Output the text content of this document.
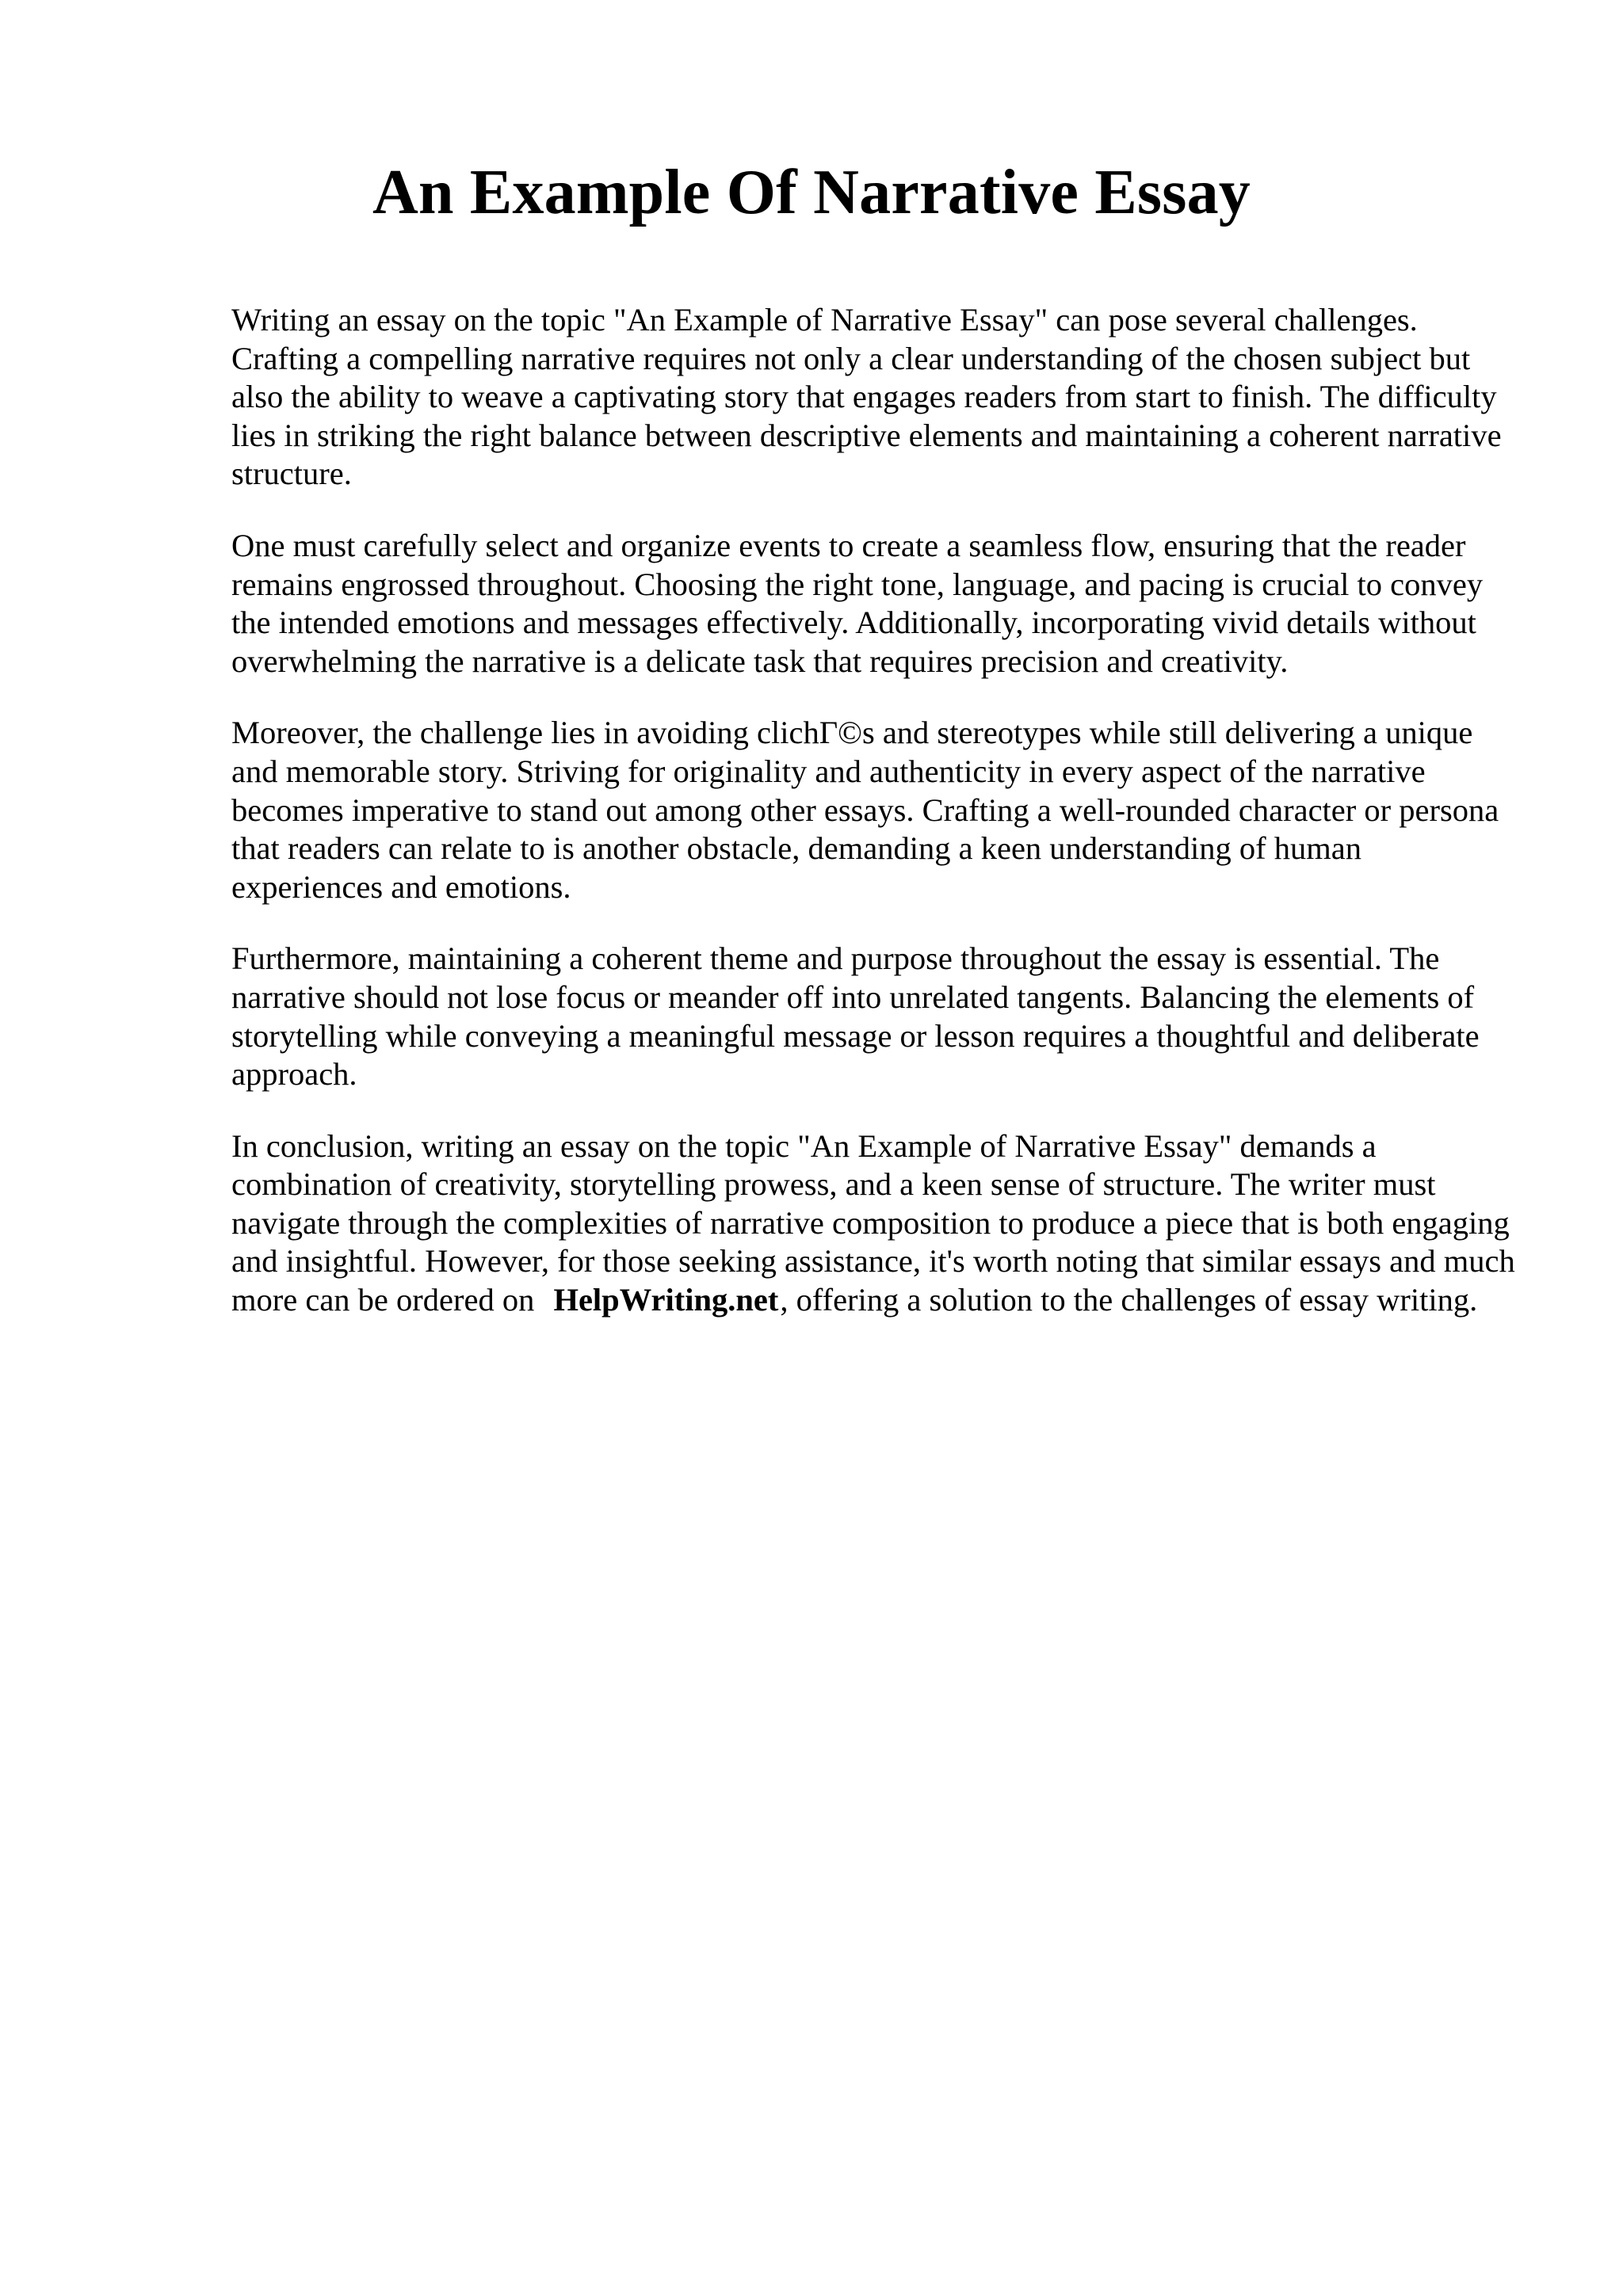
An Example Of Narrative Essay

Writing an essay on the topic "An Example of Narrative Essay" can pose several challenges. Crafting a compelling narrative requires not only a clear understanding of the chosen subject but also the ability to weave a captivating story that engages readers from start to finish. The difficulty lies in striking the right balance between descriptive elements and maintaining a coherent narrative structure.

One must carefully select and organize events to create a seamless flow, ensuring that the reader remains engrossed throughout. Choosing the right tone, language, and pacing is crucial to convey the intended emotions and messages effectively. Additionally, incorporating vivid details without overwhelming the narrative is a delicate task that requires precision and creativity.

Moreover, the challenge lies in avoiding clichГ©s and stereotypes while still delivering a unique and memorable story. Striving for originality and authenticity in every aspect of the narrative becomes imperative to stand out among other essays. Crafting a well-rounded character or persona that readers can relate to is another obstacle, demanding a keen understanding of human experiences and emotions.

Furthermore, maintaining a coherent theme and purpose throughout the essay is essential. The narrative should not lose focus or meander off into unrelated tangents. Balancing the elements of storytelling while conveying a meaningful message or lesson requires a thoughtful and deliberate approach.

In conclusion, writing an essay on the topic "An Example of Narrative Essay" demands a combination of creativity, storytelling prowess, and a keen sense of structure. The writer must navigate through the complexities of narrative composition to produce a piece that is both engaging and insightful. However, for those seeking assistance, it's worth noting that similar essays and much more can be ordered on HelpWriting.net, offering a solution to the challenges of essay writing.
